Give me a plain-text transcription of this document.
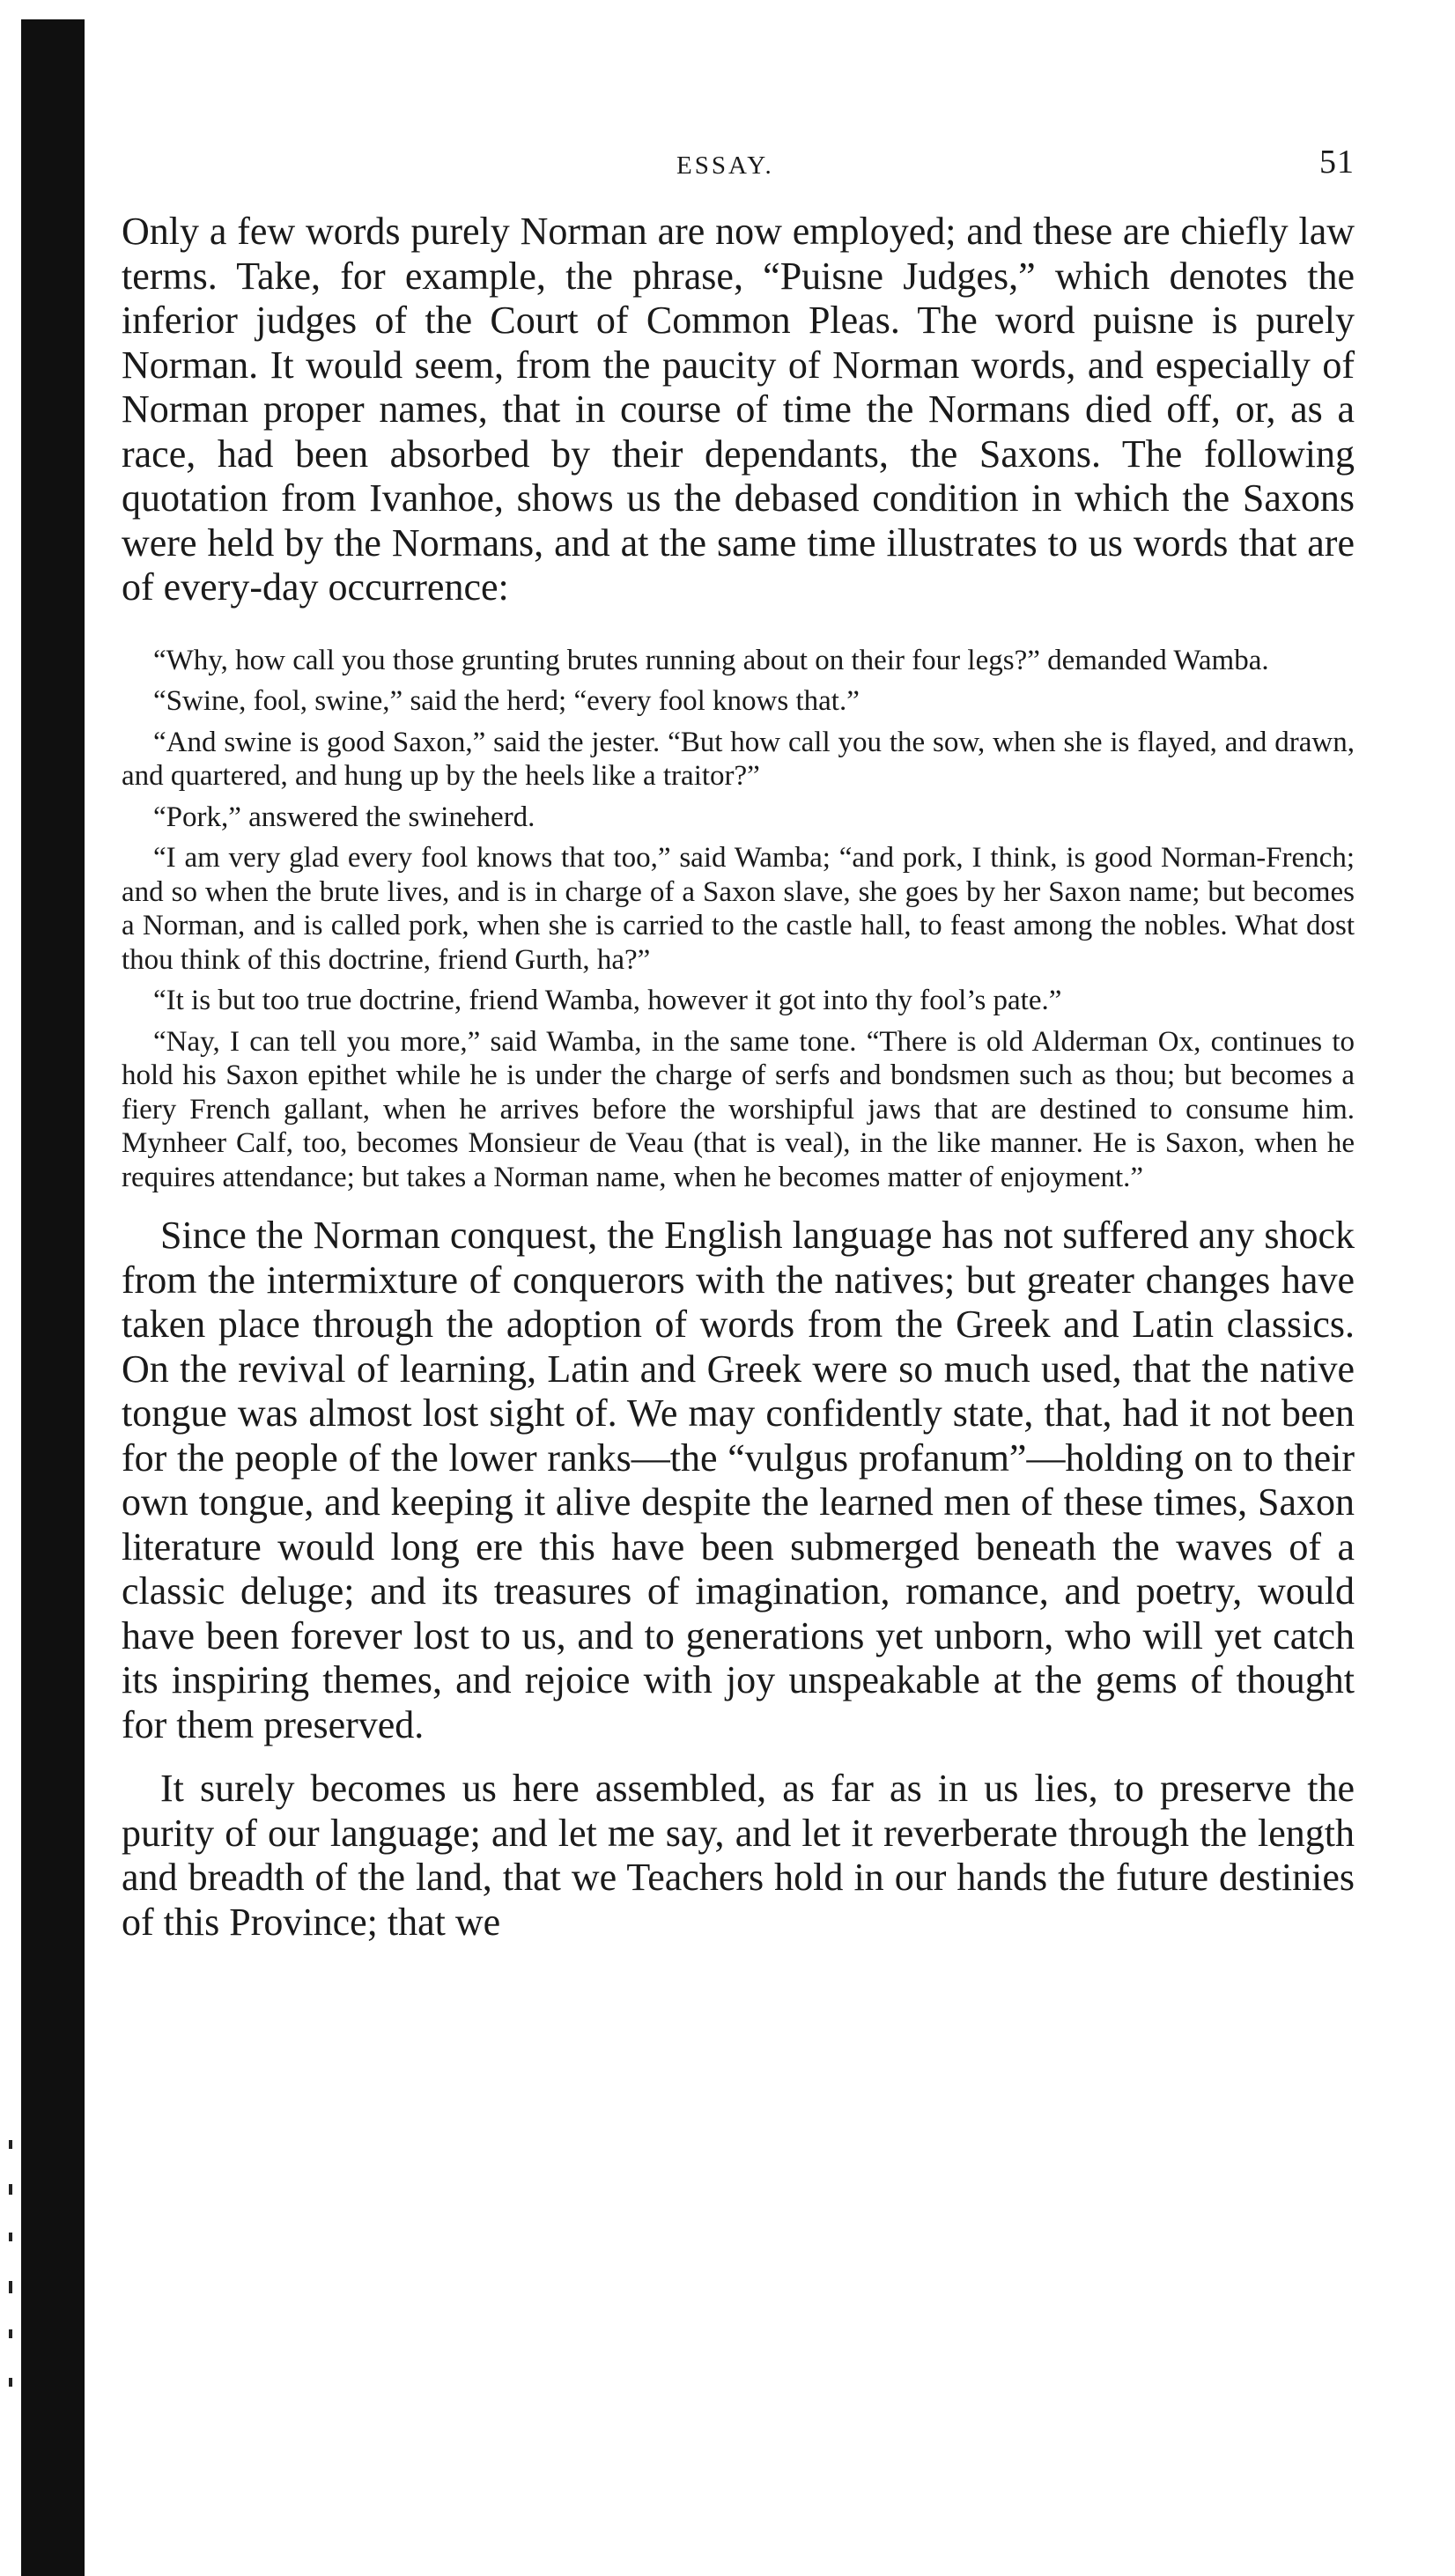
ESSAY.	51

Only a few words purely Norman are now employed; and these are chiefly law terms. Take, for example, the phrase, “Puisne Judges,” which denotes the inferior judges of the Court of Common Pleas. The word puisne is purely Norman. It would seem, from the paucity of Norman words, and especially of Norman proper names, that in course of time the Normans died off, or, as a race, had been absorbed by their dependants, the Saxons. The following quotation from Ivanhoe, shows us the debased condition in which the Saxons were held by the Normans, and at the same time illustrates to us words that are of every-day occurrence:

“Why, how call you those grunting brutes running about on their four legs?” demanded Wamba.

“Swine, fool, swine,” said the herd; “every fool knows that.”

“And swine is good Saxon,” said the jester. “But how call you the sow, when she is flayed, and drawn, and quartered, and hung up by the heels like a traitor?”

“Pork,” answered the swineherd.

“I am very glad every fool knows that too,” said Wamba; “and pork, I think, is good Norman-French; and so when the brute lives, and is in charge of a Saxon slave, she goes by her Saxon name; but becomes a Norman, and is called pork, when she is carried to the castle hall, to feast among the nobles. What dost thou think of this doctrine, friend Gurth, ha?”

“It is but too true doctrine, friend Wamba, however it got into thy fool’s pate.”

“Nay, I can tell you more,” said Wamba, in the same tone. “There is old Alderman Ox, continues to hold his Saxon epithet while he is under the charge of serfs and bondsmen such as thou; but becomes a fiery French gallant, when he arrives before the worshipful jaws that are destined to consume him. Mynheer Calf, too, becomes Monsieur de Veau (that is veal), in the like manner. He is Saxon, when he requires attendance; but takes a Norman name, when he becomes matter of enjoyment.”

Since the Norman conquest, the English language has not suffered any shock from the intermixture of conquerors with the natives; but greater changes have taken place through the adoption of words from the Greek and Latin classics. On the revival of learning, Latin and Greek were so much used, that the native tongue was almost lost sight of. We may confidently state, that, had it not been for the people of the lower ranks—the “vulgus profanum”—holding on to their own tongue, and keeping it alive despite the learned men of these times, Saxon literature would long ere this have been submerged beneath the waves of a classic deluge; and its treasures of imagination, romance, and poetry, would have been forever lost to us, and to generations yet unborn, who will yet catch its inspiring themes, and rejoice with joy unspeakable at the gems of thought for them preserved.

It surely becomes us here assembled, as far as in us lies, to preserve the purity of our language; and let me say, and let it reverberate through the length and breadth of the land, that we Teachers hold in our hands the future destinies of this Province; that we
